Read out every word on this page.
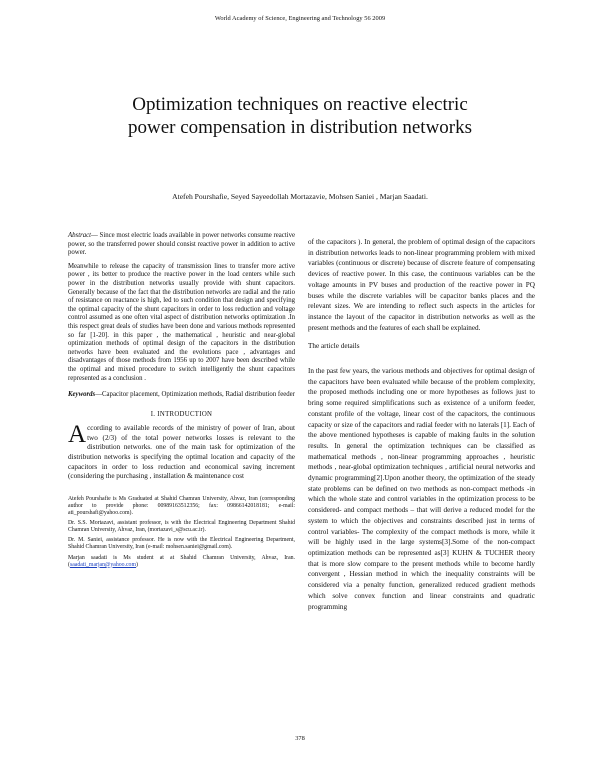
World Academy of Science, Engineering and Technology 56 2009
Optimization techniques on reactive electric
power compensation in distribution networks
Atefeh Pourshafie, Seyed Sayeedollah Mortazavie, Mohsen Saniei , Marjan Saadati.

Abstract— Since most electric loads available in power networks consume reactive power, so the transferred power should consist reactive power in addition to active power.

Meanwhile to release the capacity of transmission lines to transfer more active power , its better to produce the reactive power in the load centers while such power in the distribution networks usually provide with shunt capacitors. Generally because of the fact that the distribution networks are radial and the ratio of resistance on reactance is high, led to such condition that design and specifying the optimal capacity of the shunt capacitors in order to loss reduction and voltage control assumed as one often vital aspect of distribution networks optimization .In this respect great deals of studies have been done and various methods represented so far [1-20]. in this paper , the mathematical , heuristic and near-global optimization methods of optimal design of the capacitors in the distribution networks have been evaluated and the evolutions pace , advantages and disadvantages of those methods from 1956 up to 2007 have been described while the optimal and mixed procedure to switch intelligently the shunt capacitors represented as a conclusion .

Keywords—Capacitor placement, Optimization methods, Radial distribution feeder

I. INTRODUCTION

According to available records of the ministry of power of Iran, about two (2/3) of the total power networks losses is relevant to the distribution networks. one of the main task for optimization of the distribution networks is specifying the optimal location and capacity of the capacitors in order to loss reduction and economical saving increment (considering the purchasing , installation & maintenance cost

Atefeh Pourshafie is Ms Graduated at Shahid Chamran University, Ahvaz, Iran (corresponding author to provide phone: 00989163512356; fax: 09866142018181; e-mail: ati_pourshafi@yahoo.com).

Dr. S.S. Mortazavi, assistant professor, is with the Electrical Engineering Department Shahid Chamran University, Ahvaz, Iran, (mortazavi_s@scu.ac.ir).

Dr. M. Saniei, assistance professor. He is now with the Electrical Engineering Department, Shahid Chamran University, Iran (e-mail: mohsen.saniei@gmail.com).

Marjan saadati is Ms student at at Shahid Chamran University, Ahvaz, Iran.(saadati_marjan@yahoo.com)

of the capacitors ). In general, the problem of optimal design of the capacitors in distribution networks leads to non-linear programming problem with mixed variables (continuous or discrete) because of discrete feature of compensating devices of reactive power. In this case, the continuous variables can be the voltage amounts in PV buses and production of the reactive power in PQ buses while the discrete variables will be capacitor banks places and the relevant sizes. We are intending to reflect such aspects in the articles for instance the layout of the capacitor in distribution networks as well as the present methods and the features of each shall be explained.

The article details

In the past few years, the various methods and objectives for optimal design of the capacitors have been evaluated while because of the problem complexity, the proposed methods including one or more hypotheses as follows just to bring some required simplifications such as existence of a uniform feeder, constant profile of the voltage, linear cost of the capacitors, the continuous capacity or size of the capacitors and radial feeder with no laterals [1]. Each of the above mentioned hypotheses is capable of making faults in the solution results. In general the optimization techniques can be classified as mathematical methods , non-linear programming approaches , heuristic methods , near-global optimization techniques , artificial neural networks and dynamic programming[2].Upon another theory, the optimization of the steady state problems can be defined on two methods as non-compact methods -in which the whole state and control variables in the optimization process to be considered- and compact methods – that will derive a reduced model for the system to which the objectives and constraints described just in terms of control variables- The complexity of the compact methods is more, while it will be highly used in the large systems[3].Some of the non-compact optimization methods can be represented as[3] KUHN & TUCHER theory that is more slow compare to the present methods while to become hardly convergent , Hessian method in which the inequality constraints will be considered via a penalty function, generalized reduced gradient methods which solve convex function and linear constraints and quadratic programming

378
